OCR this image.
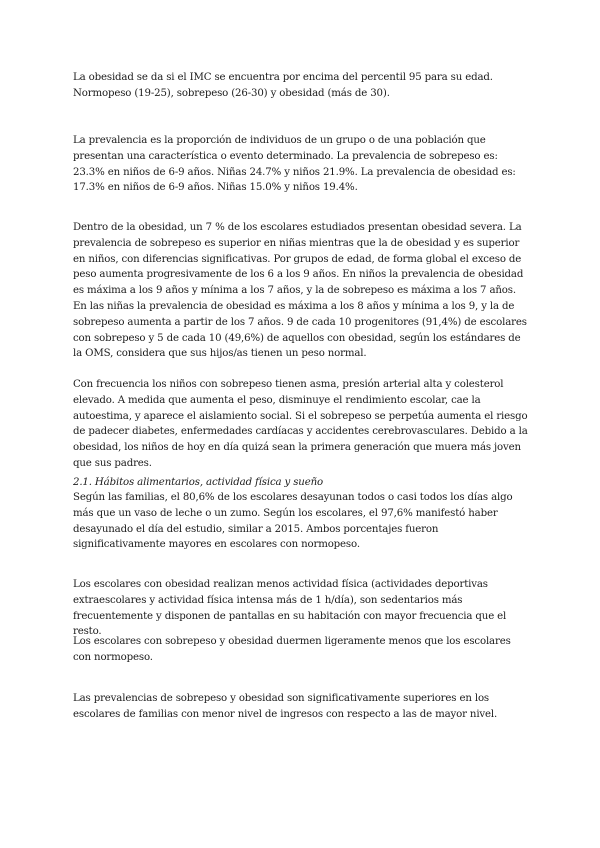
La obesidad se da si el IMC se encuentra por encima del percentil 95 para su edad. Normopeso (19-25), sobrepeso (26-30) y obesidad (más de 30).

La prevalencia es la proporción de individuos de un grupo o de una población que presentan una característica o evento determinado. La prevalencia de sobrepeso es: 23.3% en niños de 6-9 años. Niñas 24.7% y niños 21.9%. La prevalencia de obesidad es: 17.3% en niños de 6-9 años. Niñas 15.0% y niños 19.4%.

Dentro de la obesidad, un 7 % de los escolares estudiados presentan obesidad severa. La prevalencia de sobrepeso es superior en niñas mientras que la de obesidad y es superior en niños, con diferencias significativas. Por grupos de edad, de forma global el exceso de peso aumenta progresivamente de los 6 a los 9 años. En niños la prevalencia de obesidad es máxima a los 9 años y mínima a los 7 años, y la de sobrepeso es máxima a los 7 años. En las niñas la prevalencia de obesidad es máxima a los 8 años y mínima a los 9, y la de sobrepeso aumenta a partir de los 7 años. 9 de cada 10 progenitores (91,4%) de escolares con sobrepeso y 5 de cada 10 (49,6%) de aquellos con obesidad, según los estándares de la OMS, considera que sus hijos/as tienen un peso normal.

Con frecuencia los niños con sobrepeso tienen asma, presión arterial alta y colesterol elevado. A medida que aumenta el peso, disminuye el rendimiento escolar, cae la autoestima, y aparece el aislamiento social. Si el sobrepeso se perpetúa aumenta el riesgo de padecer diabetes, enfermedades cardíacas y accidentes cerebrovasculares. Debido a la obesidad, los niños de hoy en día quizá sean la primera generación que muera más joven que sus padres.

2.1. Hábitos alimentarios, actividad física y sueño

Según las familias, el 80,6% de los escolares desayunan todos o casi todos los días algo más que un vaso de leche o un zumo. Según los escolares, el 97,6% manifestó haber desayunado el día del estudio, similar a 2015. Ambos porcentajes fueron significativamente mayores en escolares con normopeso.

Los escolares con obesidad realizan menos actividad física (actividades deportivas extraescolares y actividad física intensa más de 1 h/día), son sedentarios más frecuentemente y disponen de pantallas en su habitación con mayor frecuencia que el resto.

Los escolares con sobrepeso y obesidad duermen ligeramente menos que los escolares con normopeso.

Las prevalencias de sobrepeso y obesidad son significativamente superiores en los escolares de familias con menor nivel de ingresos con respecto a las de mayor nivel.
